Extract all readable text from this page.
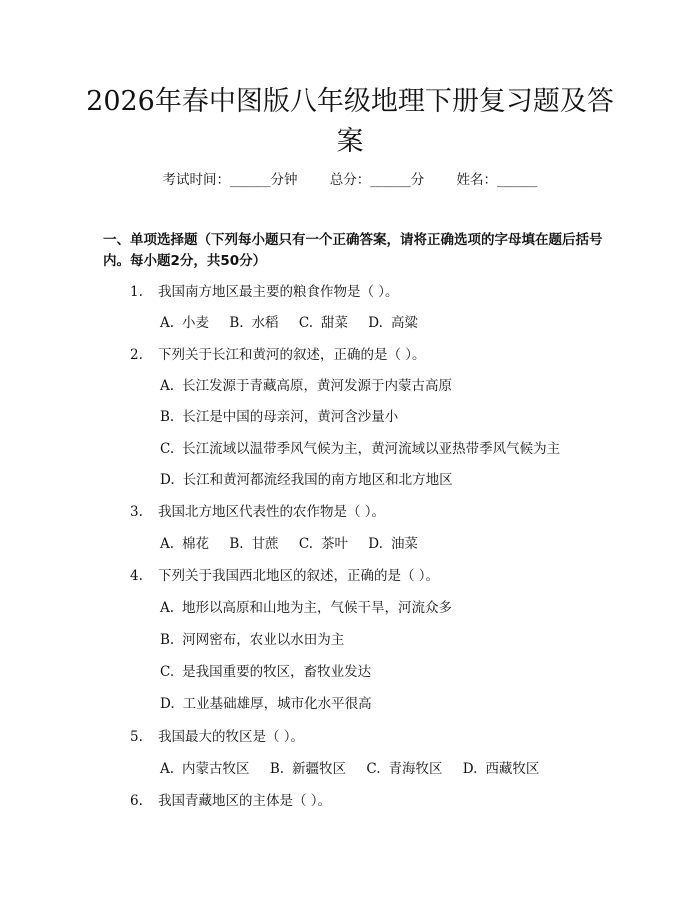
2026年春中图版八年级地理下册复习题及答案
考试时间：______分钟 总分：______分 姓名：______
一、单项选择题（下列每小题只有一个正确答案，请将正确选项的字母填在题后括号内。每小题2分，共50分）
1. 我国南方地区最主要的粮食作物是（ ）。
A. 小麦 B. 水稻 C. 甜菜 D. 高粱
2. 下列关于长江和黄河的叙述，正确的是（ ）。
A. 长江发源于青藏高原，黄河发源于内蒙古高原
B. 长江是中国的母亲河，黄河含沙量小
C. 长江流域以温带季风气候为主，黄河流域以亚热带季风气候为主
D. 长江和黄河都流经我国的南方地区和北方地区
3. 我国北方地区代表性的农作物是（ ）。
A. 棉花 B. 甘蔗 C. 茶叶 D. 油菜
4. 下列关于我国西北地区的叙述，正确的是（ ）。
A. 地形以高原和山地为主，气候干旱，河流众多
B. 河网密布，农业以水田为主
C. 是我国重要的牧区，畜牧业发达
D. 工业基础雄厚，城市化水平很高
5. 我国最大的牧区是（ ）。
A. 内蒙古牧区 B. 新疆牧区 C. 青海牧区 D. 西藏牧区
6. 我国青藏地区的主体是（ ）。
